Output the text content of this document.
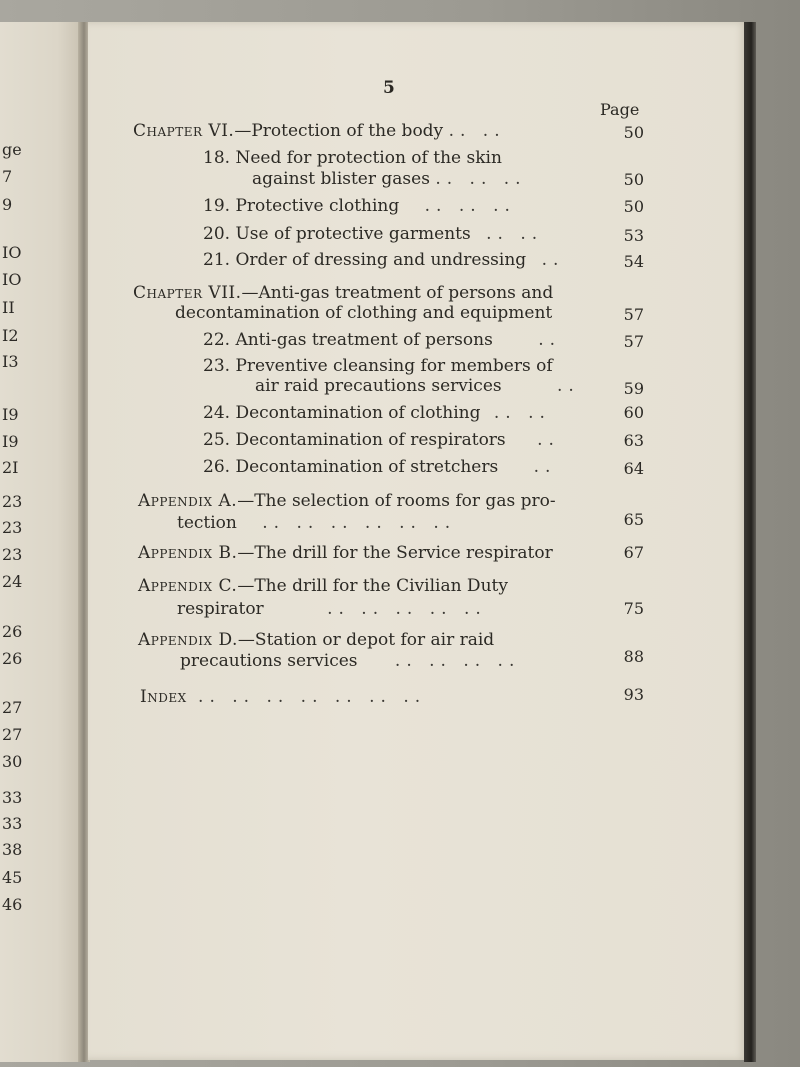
ge
7
9
IO
IO
II
I2
I3
I9
I9
2I
23
23
23
24
26
26
27
27
30
33
33
38
45
46
5
Page
Chapter VI.—Protection of the body .. ..	50
18. Need for protection of the skin
against blister gases .. .. ..	50
19. Protective clothing .. .. ..	50
20. Use of protective garments .. ..	53
21. Order of dressing and undressing ..	54
Chapter VII.—Anti-gas treatment of persons and
decontamination of clothing and equipment	57
22. Anti-gas treatment of persons	..	57
23. Preventive cleansing for members of
air raid precautions services	..	59
24. Decontamination of clothing .. ..	60
25. Decontamination of respirators ..	63
26. Decontamination of stretchers ..	64
Appendix A.—The selection of rooms for gas pro-
tection .. .. .. .. .. ..	65
Appendix B.—The drill for the Service respirator	67
Appendix C.—The drill for the Civilian Duty
respirator	.. .. .. .. ..	75
Appendix D.—Station or depot for air raid
precautions services .. .. .. ..	88
Index .. .. .. .. .. .. ..	93
